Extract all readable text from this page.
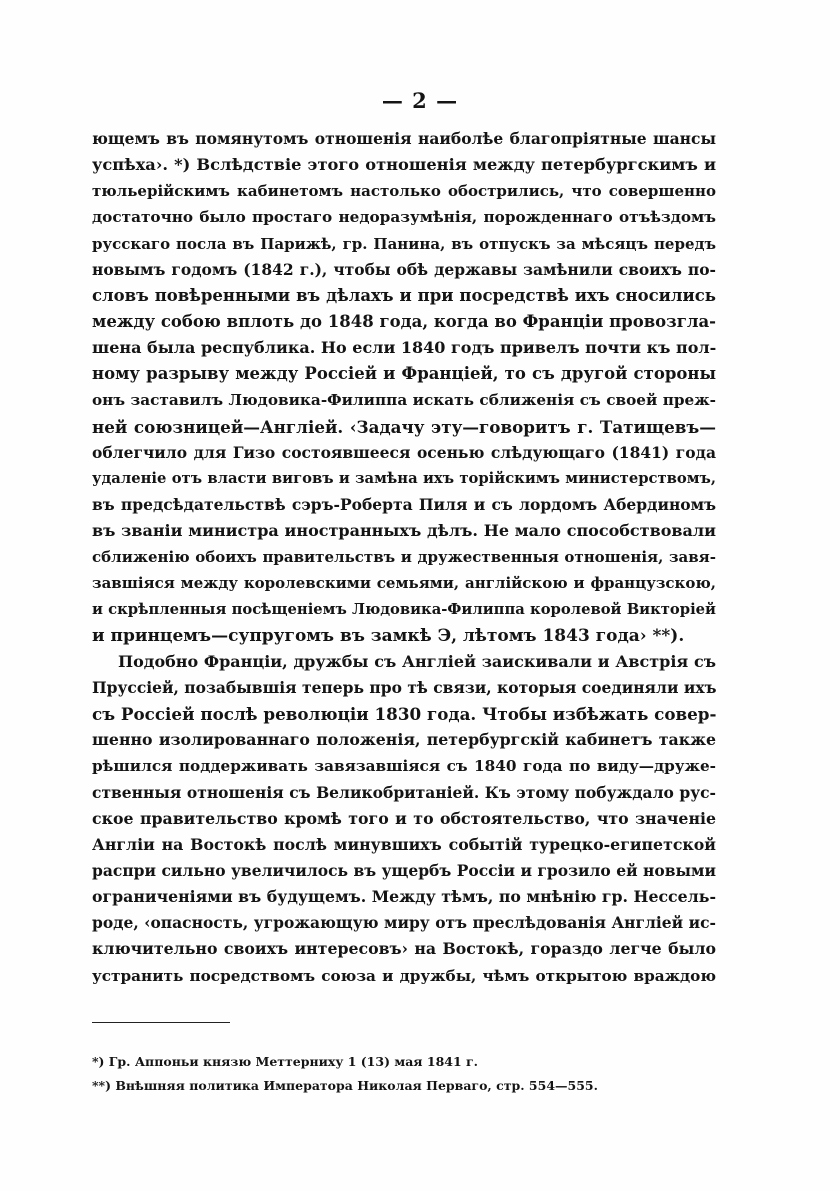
— 2 —
ющемъ въ помянутомъ отношенія наиболѣе благопріятные шансы
успѣха›. *) Вслѣдствіе этого отношенія между петербургскимъ и
тюльерійскимъ кабинетомъ настолько обострились, что совершенно
достаточно было простаго недоразумѣнія, порожденнаго отъѣздомъ
русскаго посла въ Парижѣ, гр. Панина, въ отпускъ за мѣсяцъ передъ
новымъ годомъ (1842 г.), чтобы обѣ державы замѣнили своихъ по-
словъ повѣренными въ дѣлахъ и при посредствѣ ихъ сносились
между собою вплоть до 1848 года, когда во Франціи провозгла-
шена была республика. Но если 1840 годъ привелъ почти къ пол-
ному разрыву между Россіей и Франціей, то съ другой стороны
онъ заставилъ Людовика-Филиппа искать сближенія съ своей преж-
ней союзницей—Англіей. ‹Задачу эту—говоритъ г. Татищевъ—
облегчило для Гизо состоявшееся осенью слѣдующаго (1841) года
удаленіе отъ власти виговъ и замѣна ихъ торійскимъ министерствомъ,
въ предсѣдательствѣ сэръ-Роберта Пиля и съ лордомъ Абердиномъ
въ званіи министра иностранныхъ дѣлъ. Не мало способствовали
сближенію обоихъ правительствъ и дружественныя отношенія, завя-
завшіяся между королевскими семьями, англійскою и французскою,
и скрѣпленныя посѣщеніемъ Людовика-Филиппа королевой Викторіей
и принцемъ—супругомъ въ замкѣ Э, лѣтомъ 1843 года› **).
Подобно Франціи, дружбы съ Англіей заискивали и Австрія съ
Пруссіей, позабывшія теперь про тѣ связи, которыя соединяли ихъ
съ Россіей послѣ революціи 1830 года. Чтобы избѣжать совер-
шенно изолированнаго положенія, петербургскій кабинетъ также
рѣшился поддерживать завязавшіяся съ 1840 года по виду—друже-
ственныя отношенія съ Великобританіей. Къ этому побуждало рус-
ское правительство кромѣ того и то обстоятельство, что значеніе
Англіи на Востокѣ послѣ минувшихъ событій турецко-египетской
распри сильно увеличилось въ ущербъ Россіи и грозило ей новыми
ограниченіями въ будущемъ. Между тѣмъ, по мнѣнію гр. Нессель-
роде, ‹опасность, угрожающую миру отъ преслѣдованія Англіей ис-
ключительно своихъ интересовъ› на Востокѣ, гораздо легче было
устранить посредствомъ союза и дружбы, чѣмъ открытою враждою
*) Гр. Аппоньи князю Меттерниху 1 (13) мая 1841 г.
**) Внѣшняя политика Императора Николая Перваго, стр. 554—555.
